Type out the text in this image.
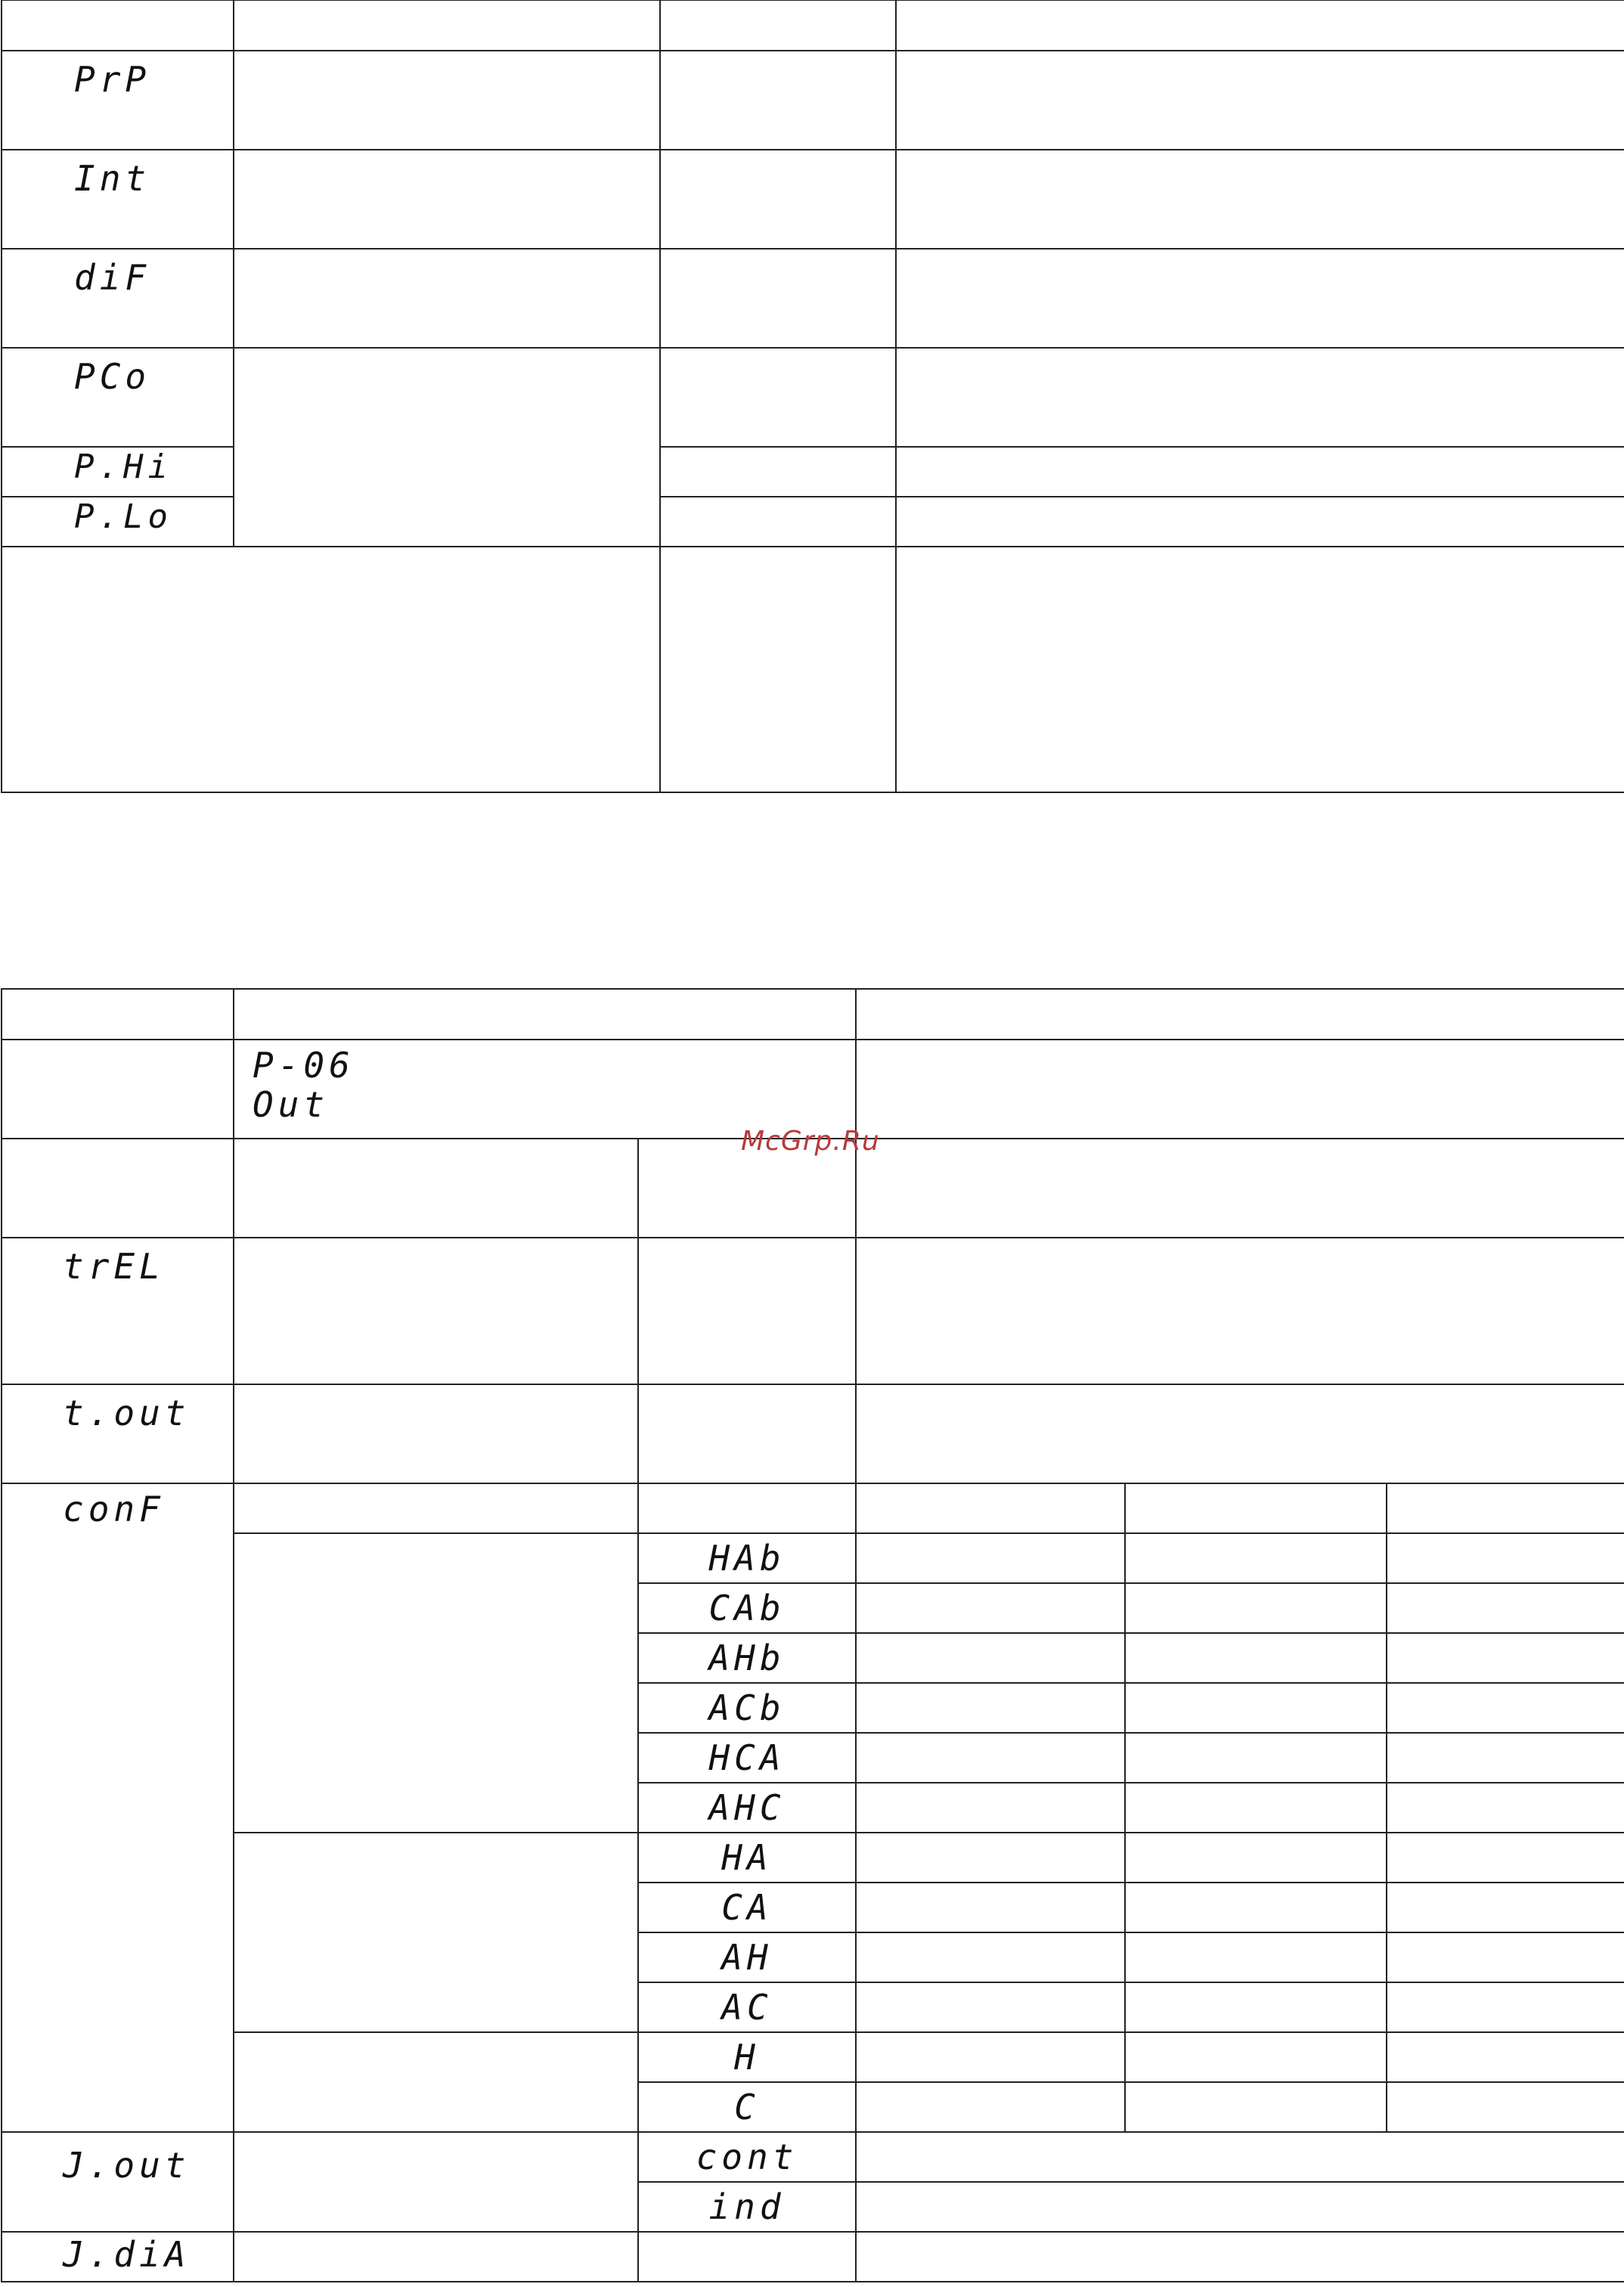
PrP			

Int			

diF			

PCo			

P.Hi			

P.Lo			

	P-06
Out				

trEL					

t.out					

conF					

		HAb			
		CAb			
		AHb			
		ACb			
		HCA			
		AHC			
		HA			
		CA			
		AH			
		AC			
		H			
		C			

J.out		cont			
		ind			

J.diA					

McGrp.Ru
